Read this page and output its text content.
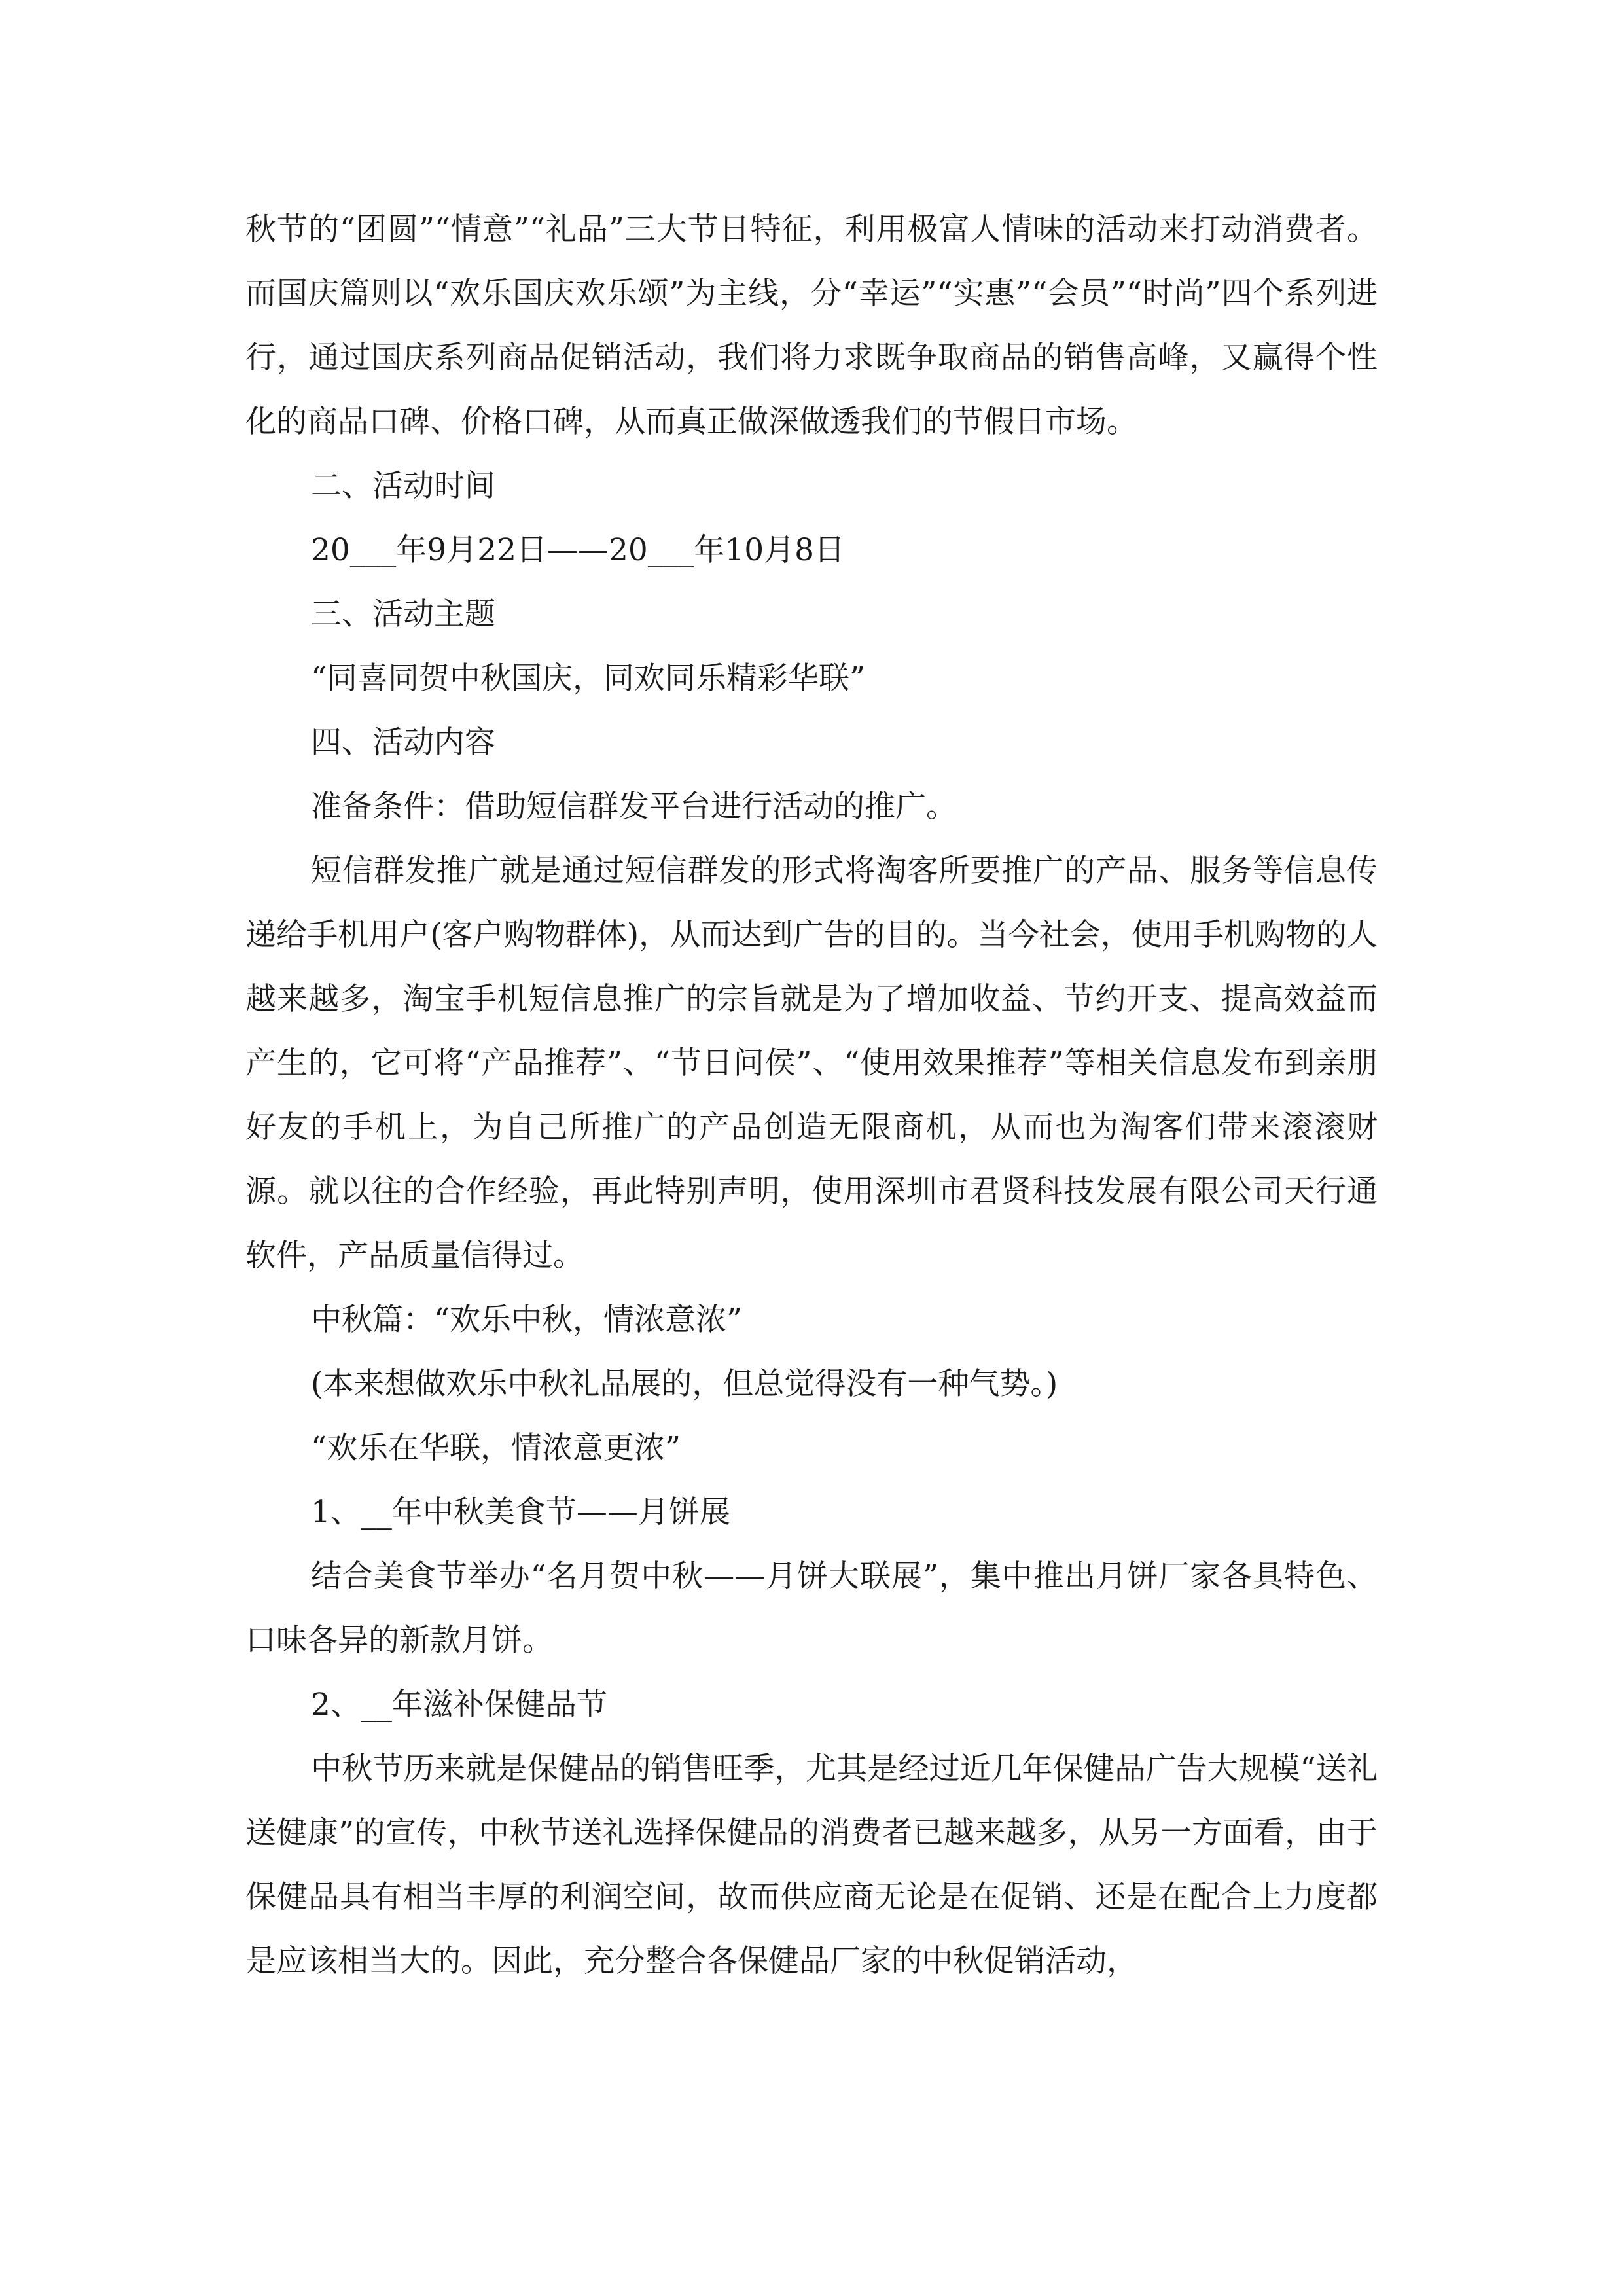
秋节的“团圆”“情意”“礼品”三大节日特征，利用极富人情味的活动来打动消费者。而国庆篇则以“欢乐国庆欢乐颂”为主线，分“幸运”“实惠”“会员”“时尚”四个系列进行，通过国庆系列商品促销活动，我们将力求既争取商品的销售高峰，又赢得个性化的商品口碑、价格口碑，从而真正做深做透我们的节假日市场。

二、活动时间

20___年9月22日——20___年10月8日

三、活动主题

“同喜同贺中秋国庆，同欢同乐精彩华联”

四、活动内容

准备条件：借助短信群发平台进行活动的推广。

短信群发推广就是通过短信群发的形式将淘客所要推广的产品、服务等信息传递给手机用户(客户购物群体)，从而达到广告的目的。当今社会，使用手机购物的人越来越多，淘宝手机短信息推广的宗旨就是为了增加收益、节约开支、提高效益而产生的，它可将“产品推荐”、“节日问侯”、“使用效果推荐”等相关信息发布到亲朋好友的手机上，为自己所推广的产品创造无限商机，从而也为淘客们带来滚滚财源。就以往的合作经验，再此特别声明，使用深圳市君贤科技发展有限公司天行通软件，产品质量信得过。

中秋篇：“欢乐中秋，情浓意浓”

(本来想做欢乐中秋礼品展的，但总觉得没有一种气势。)

“欢乐在华联，情浓意更浓”

1、__年中秋美食节——月饼展

结合美食节举办“名月贺中秋——月饼大联展”，集中推出月饼厂家各具特色、口味各异的新款月饼。

2、__年滋补保健品节

中秋节历来就是保健品的销售旺季，尤其是经过近几年保健品广告大规模“送礼送健康”的宣传，中秋节送礼选择保健品的消费者已越来越多，从另一方面看，由于保健品具有相当丰厚的利润空间，故而供应商无论是在促销、还是在配合上力度都是应该相当大的。因此，充分整合各保健品厂家的中秋促销活动，
